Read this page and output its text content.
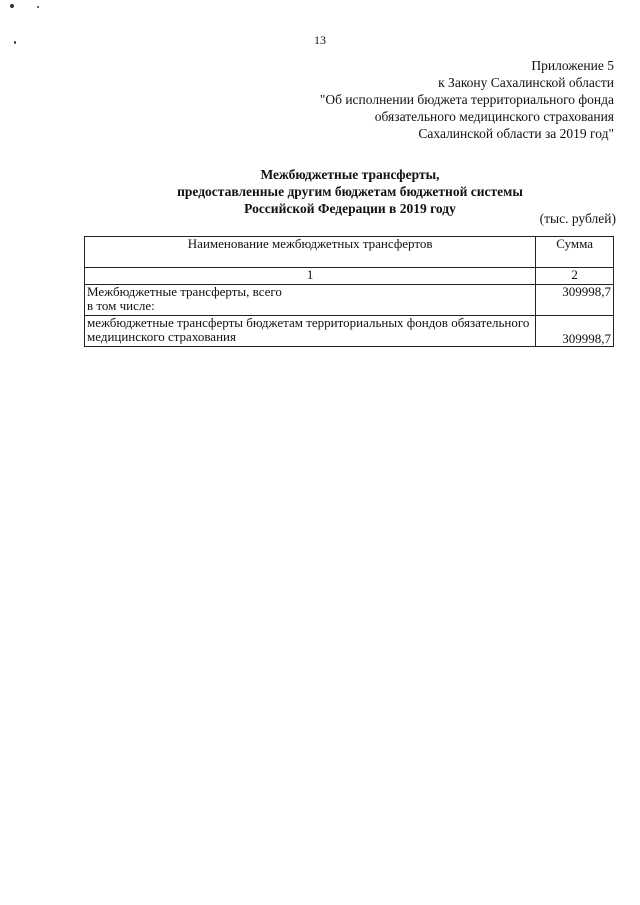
13
Приложение 5
к Закону Сахалинской области
"Об исполнении бюджета территориального фонда
обязательного медицинского страхования
Сахалинской области за 2019 год"
Межбюджетные трансферты,
предоставленные другим бюджетам бюджетной системы
Российской Федерации в 2019 году
(тыс. рублей)
Наименование межбюджетных трансфертов	Сумма
1	2

Межбюджетные трансферты, всего
в том числе:	309998,7

межбюджетные трансферты бюджетам территориальных фондов обязательного
медицинского страхования	309998,7
